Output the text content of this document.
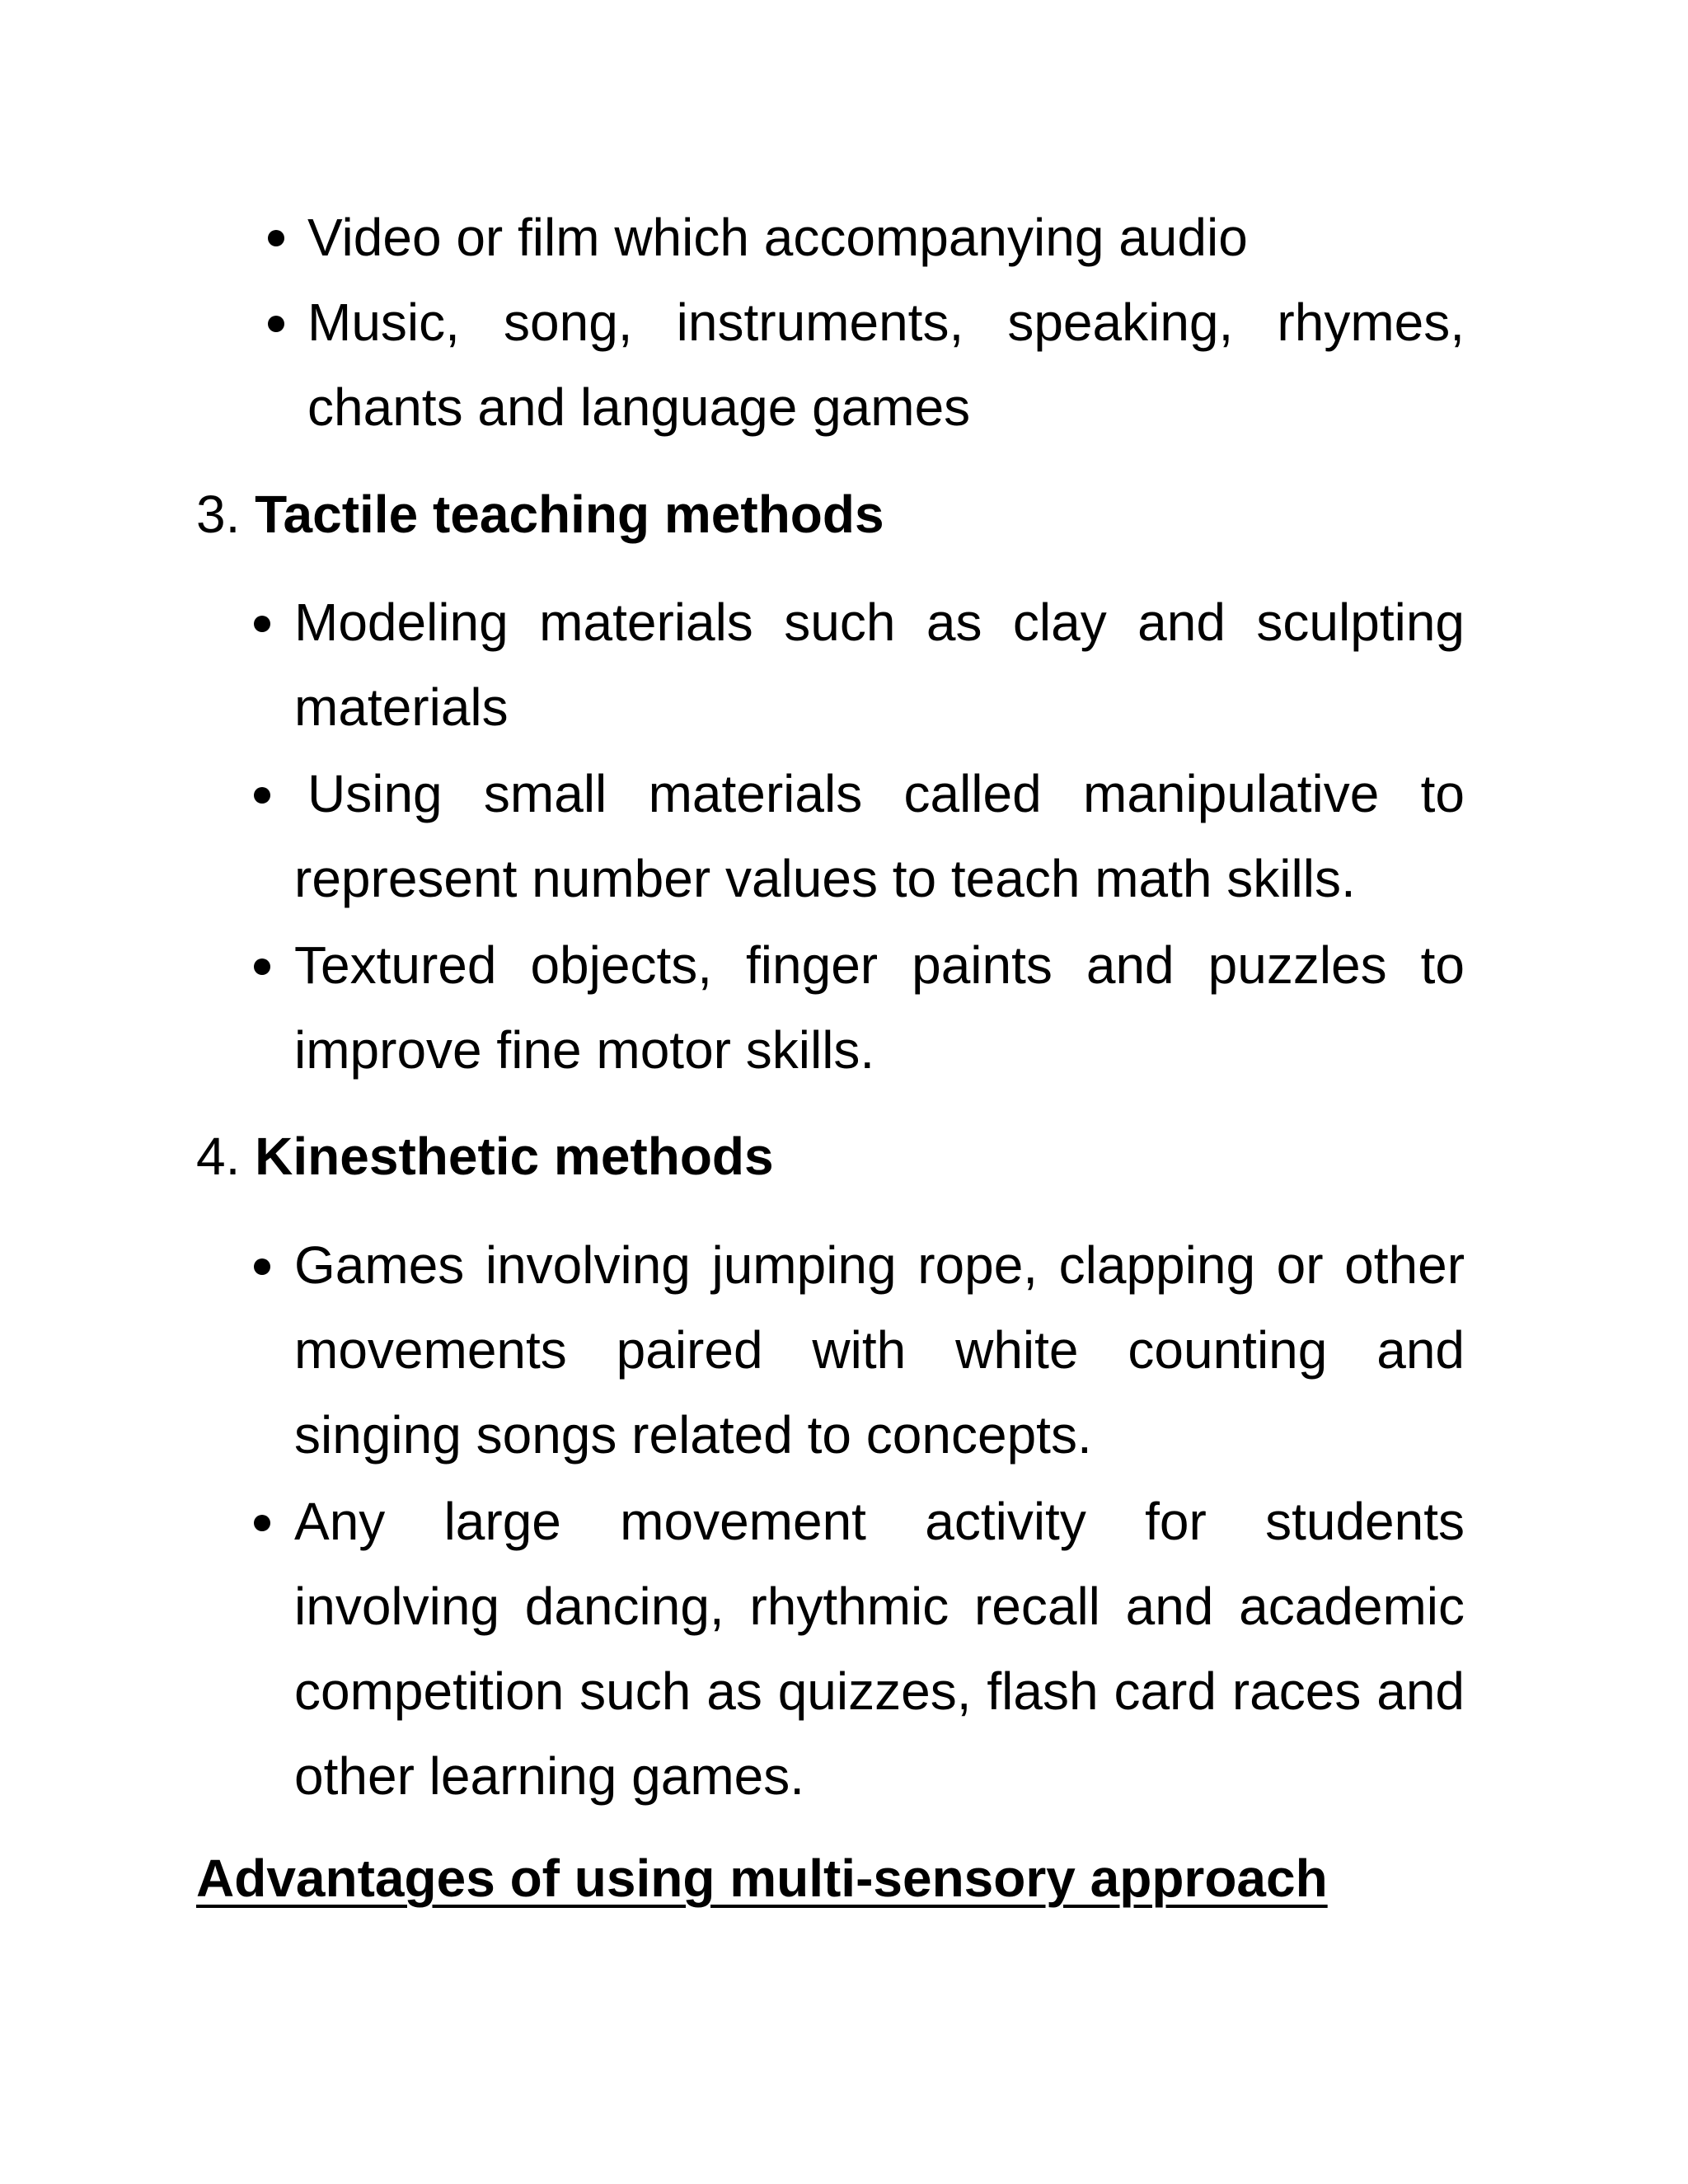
Video or film which accompanying audio
Music, song, instruments, speaking, rhymes,
chants and language games
3. Tactile teaching methods
Modeling materials such as clay and sculpting
materials
Using small materials called manipulative to
represent number values to teach math skills.
Textured objects, finger paints and puzzles to
improve fine motor skills.
4. Kinesthetic methods
Games involving jumping rope, clapping or other
movements paired with white counting and
singing songs related to concepts.
Any large movement activity for students
involving dancing, rhythmic recall and academic
competition such as quizzes, flash card races and
other learning games.
Advantages of using multi-sensory approach
